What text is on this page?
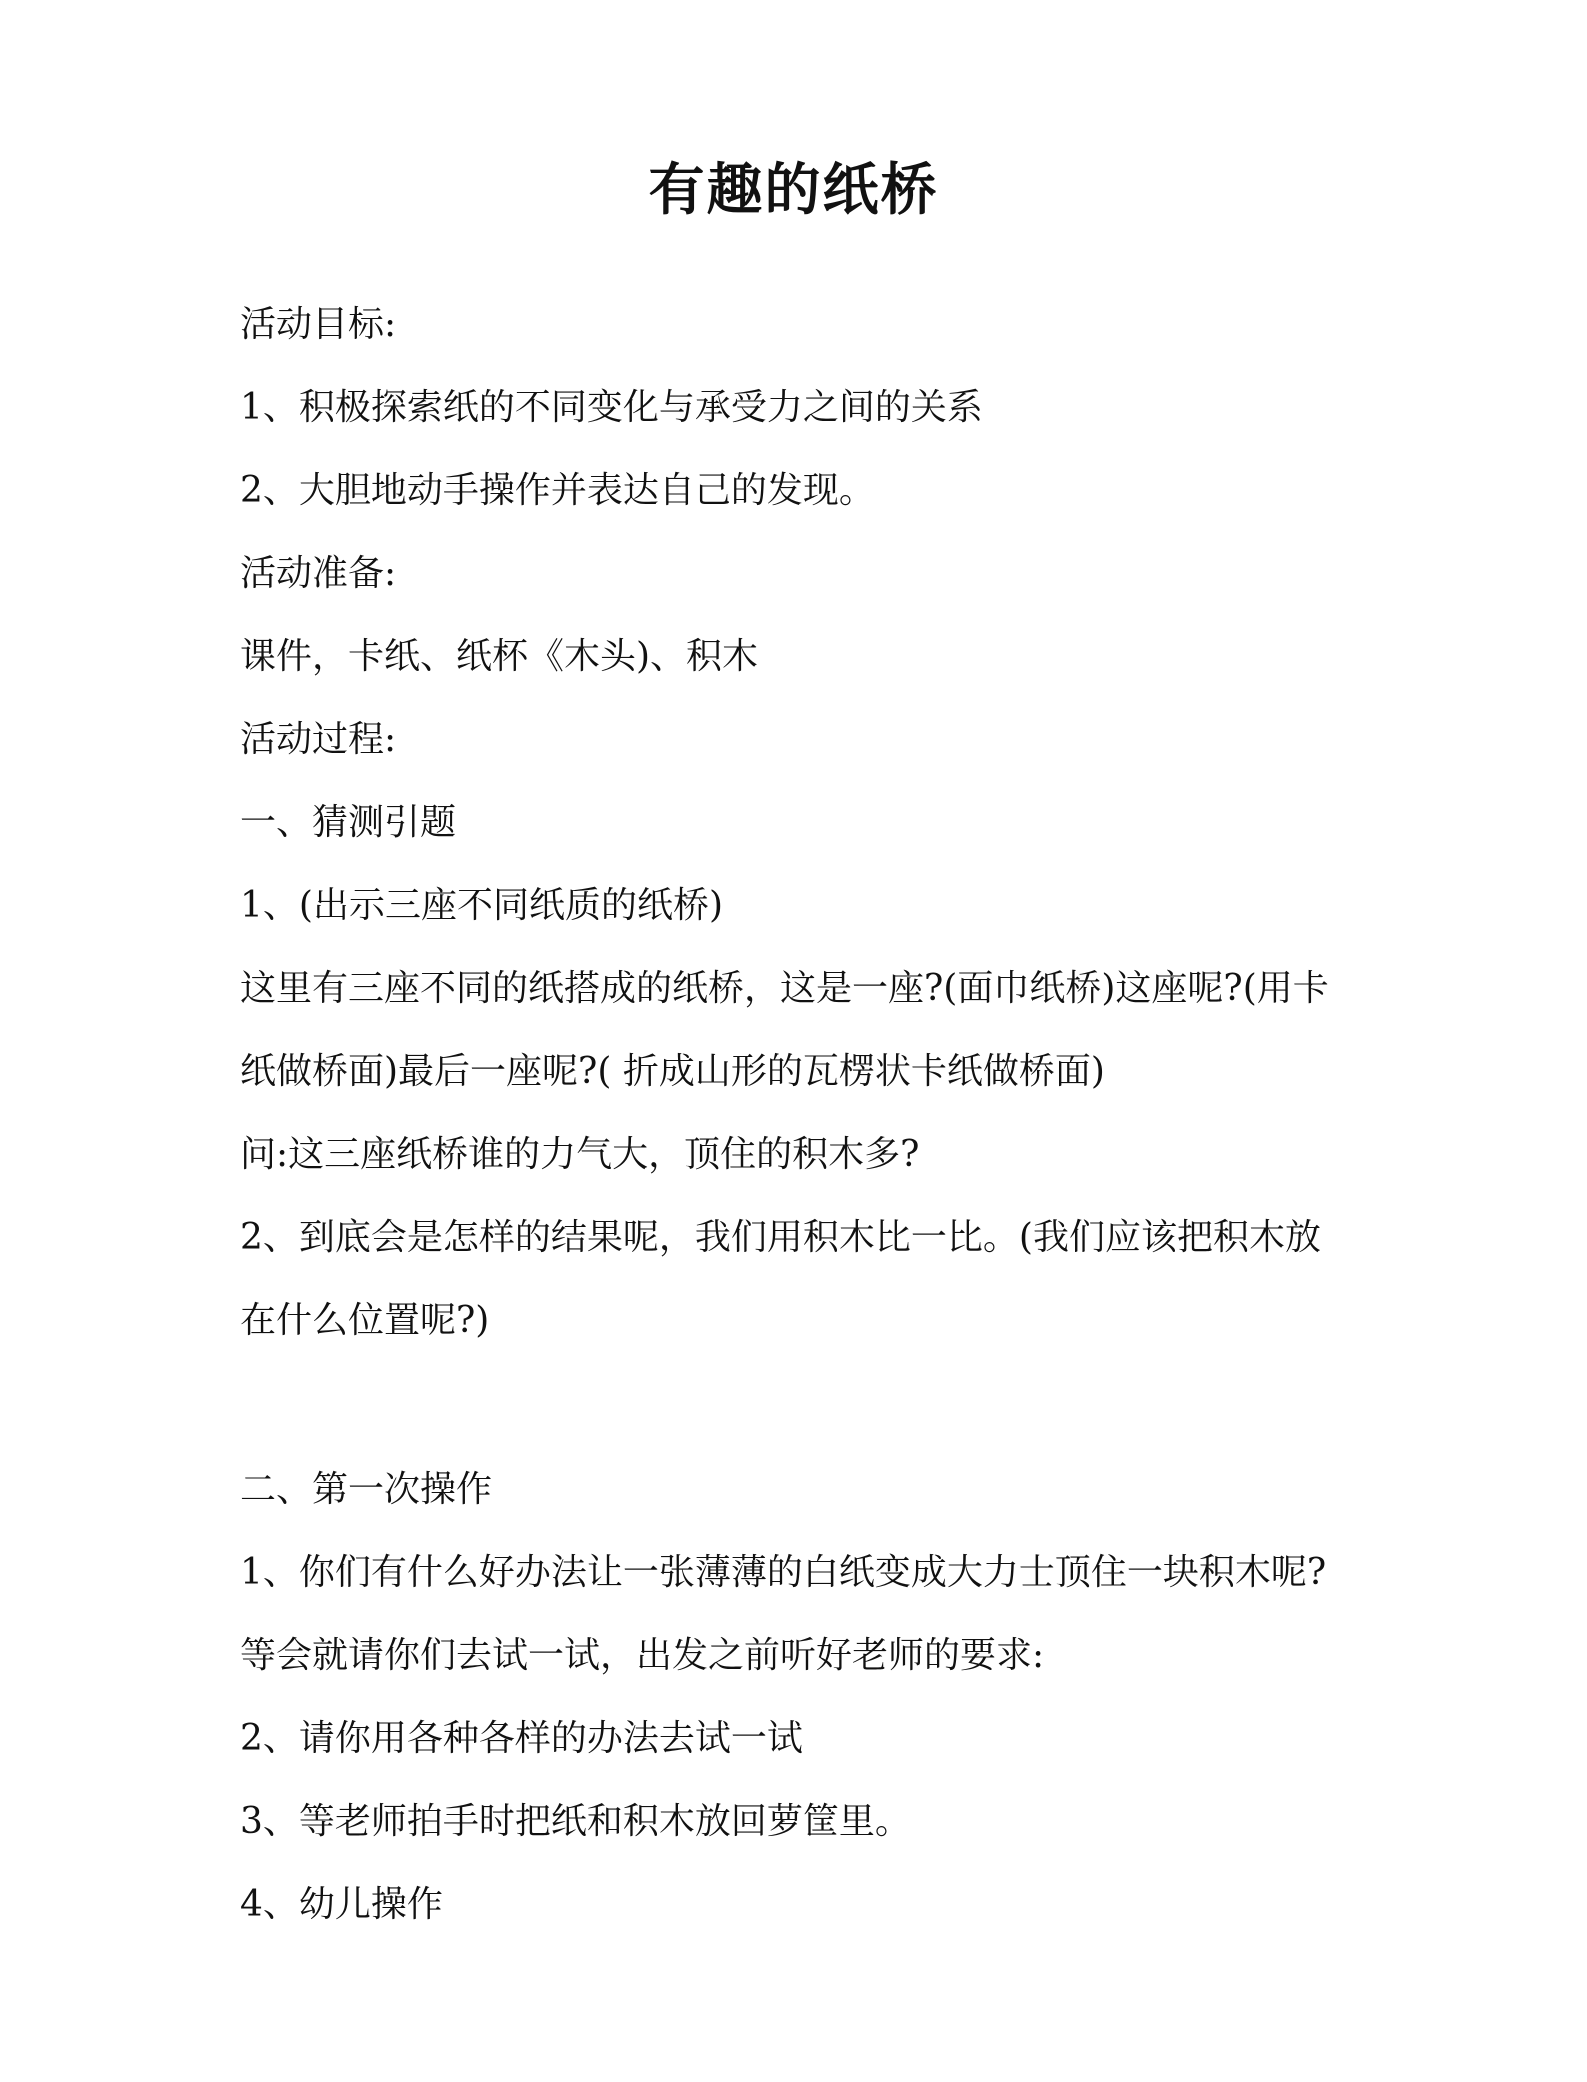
有趣的纸桥

活动目标:

1、积极探索纸的不同变化与承受力之间的关系

2、大胆地动手操作并表达自己的发现。

活动准备:

课件，卡纸、纸杯《木头)、积木

活动过程:

一、猜测引题

1、(出示三座不同纸质的纸桥)

这里有三座不同的纸搭成的纸桥，这是一座?(面巾纸桥)这座呢?(用卡

纸做桥面)最后一座呢?( 折成山形的瓦楞状卡纸做桥面)

问:这三座纸桥谁的力气大，顶住的积木多?

2、到底会是怎样的结果呢，我们用积木比一比。(我们应该把积木放

在什么位置呢?)

二、第一次操作

1、你们有什么好办法让一张薄薄的白纸变成大力士顶住一块积木呢?

等会就请你们去试一试，出发之前听好老师的要求:

2、请你用各种各样的办法去试一试

3、等老师拍手时把纸和积木放回萝筐里。

4、幼儿操作
